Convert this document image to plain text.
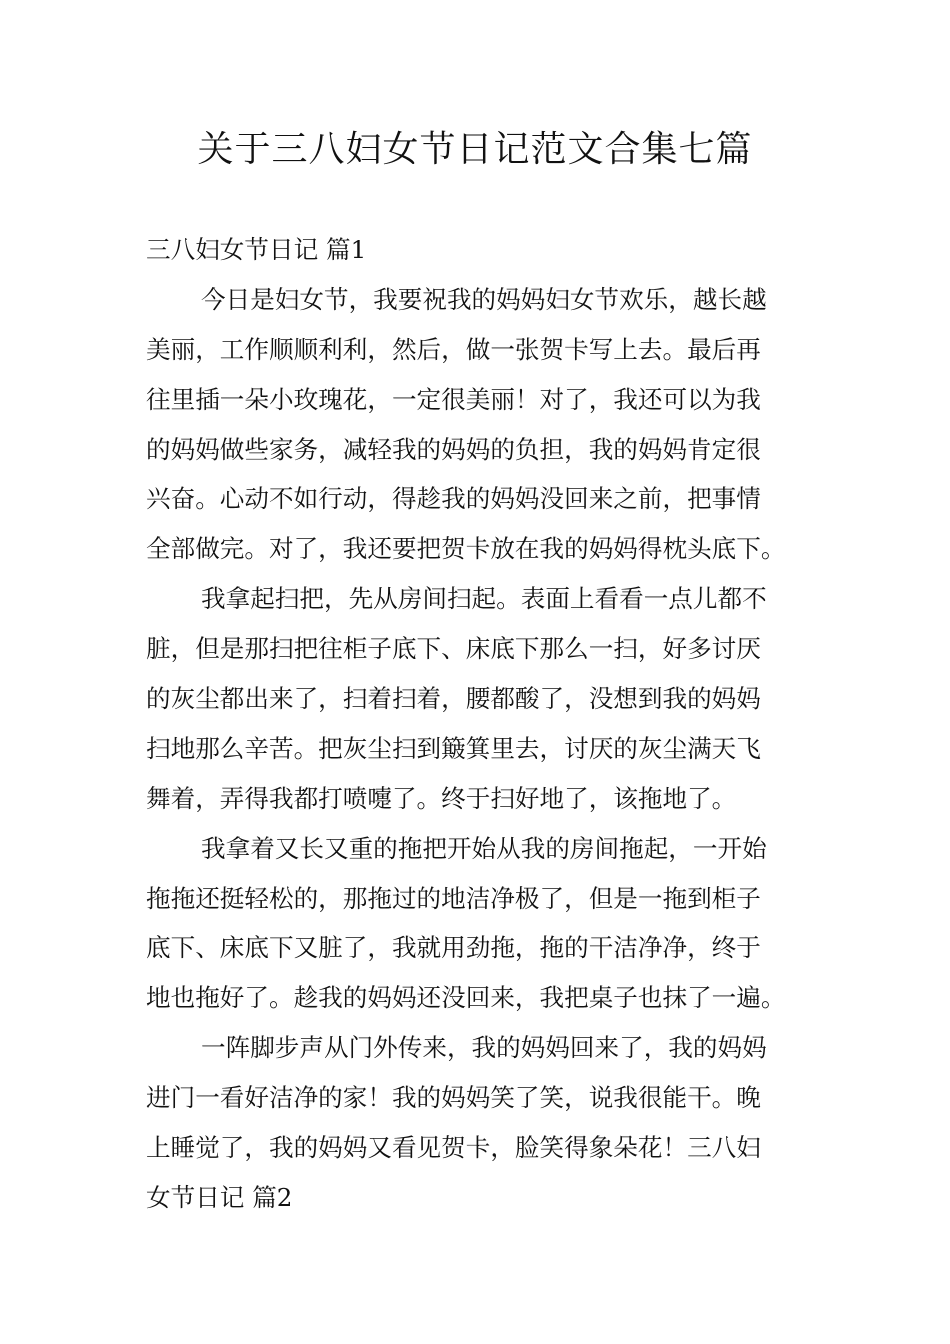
关于三八妇女节日记范文合集七篇
三八妇女节日记 篇1
今日是妇女节，我要祝我的妈妈妇女节欢乐，越长越
美丽，工作顺顺利利，然后，做一张贺卡写上去。最后再
往里插一朵小玫瑰花，一定很美丽！对了，我还可以为我
的妈妈做些家务，减轻我的妈妈的负担，我的妈妈肯定很
兴奋。心动不如行动，得趁我的妈妈没回来之前，把事情
全部做完。对了，我还要把贺卡放在我的妈妈得枕头底下。
我拿起扫把，先从房间扫起。表面上看看一点儿都不
脏，但是那扫把往柜子底下、床底下那么一扫，好多讨厌
的灰尘都出来了，扫着扫着，腰都酸了，没想到我的妈妈
扫地那么辛苦。把灰尘扫到簸箕里去，讨厌的灰尘满天飞
舞着，弄得我都打喷嚏了。终于扫好地了，该拖地了。
我拿着又长又重的拖把开始从我的房间拖起，一开始
拖拖还挺轻松的，那拖过的地洁净极了，但是一拖到柜子
底下、床底下又脏了，我就用劲拖，拖的干洁净净，终于
地也拖好了。趁我的妈妈还没回来，我把桌子也抹了一遍。
一阵脚步声从门外传来，我的妈妈回来了，我的妈妈
进门一看好洁净的家！我的妈妈笑了笑，说我很能干。晚
上睡觉了，我的妈妈又看见贺卡，脸笑得象朵花！三八妇
女节日记 篇2
